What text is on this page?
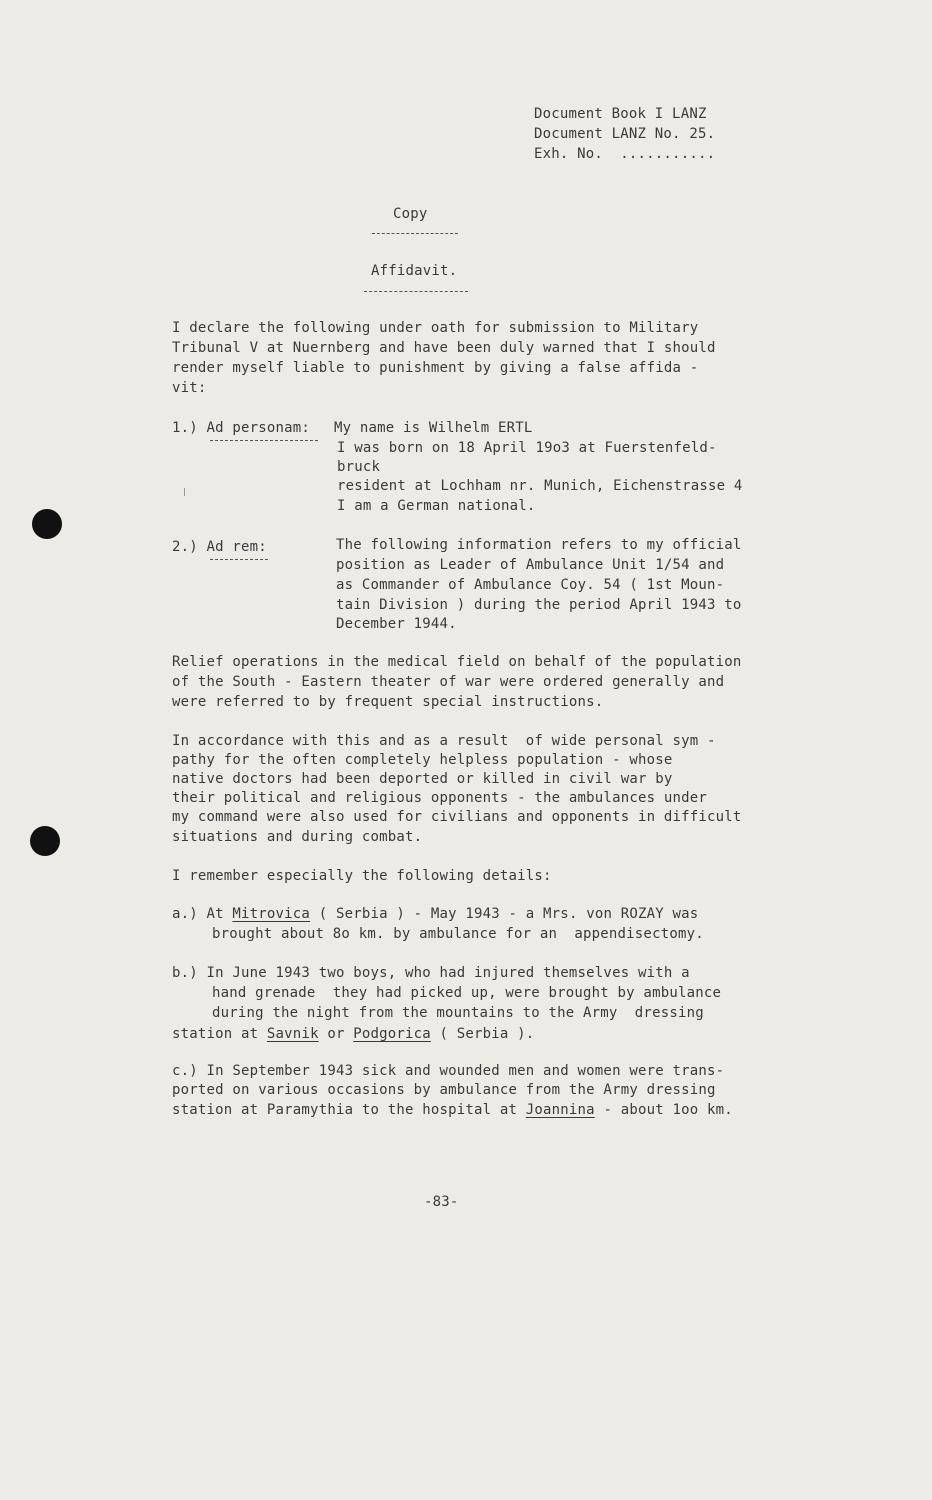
Document Book I LANZ
Document LANZ No. 25.
Exh. No.  ...........
Copy
Affidavit.
I declare the following under oath for submission to Military
Tribunal V at Nuernberg and have been duly warned that I should
render myself liable to punishment by giving a false affida -
vit:
1.) Ad personam: My name is Wilhelm ERTL
I was born on 18 April 19o3 at Fuerstenfeld-
bruck
resident at Lochham nr. Munich, Eichenstrasse 4
I am a German national.
2.) Ad rem:	The following information refers to my official
position as Leader of Ambulance Unit 1/54 and
as Commander of Ambulance Coy. 54 ( 1st Moun-
tain Division ) during the period April 1943 to
December 1944.
Relief operations in the medical field on behalf of the population
of the South - Eastern theater of war were ordered generally and
were referred to by frequent special instructions.
In accordance with this and as a result  of wide personal sym -
pathy for the often completely helpless population - whose
native doctors had been deported or killed in civil war by
their political and religious opponents - the ambulances under
my command were also used for civilians and opponents in difficult
situations and during combat.
I remember especially the following details:
a.) At Mitrovica ( Serbia ) - May 1943 - a Mrs. von ROZAY was
brought about 8o km. by ambulance for an  appendisectomy.
b.) In June 1943 two boys, who had injured themselves with a
hand grenade  they had picked up, were brought by ambulance
during the night from the mountains to the Army  dressing
station at Savnik or Podgorica ( Serbia ).
c.) In September 1943 sick and wounded men and women were trans-
ported on various occasions by ambulance from the Army dressing
station at Paramythia to the hospital at Joannina - about 1oo km.
-83-
